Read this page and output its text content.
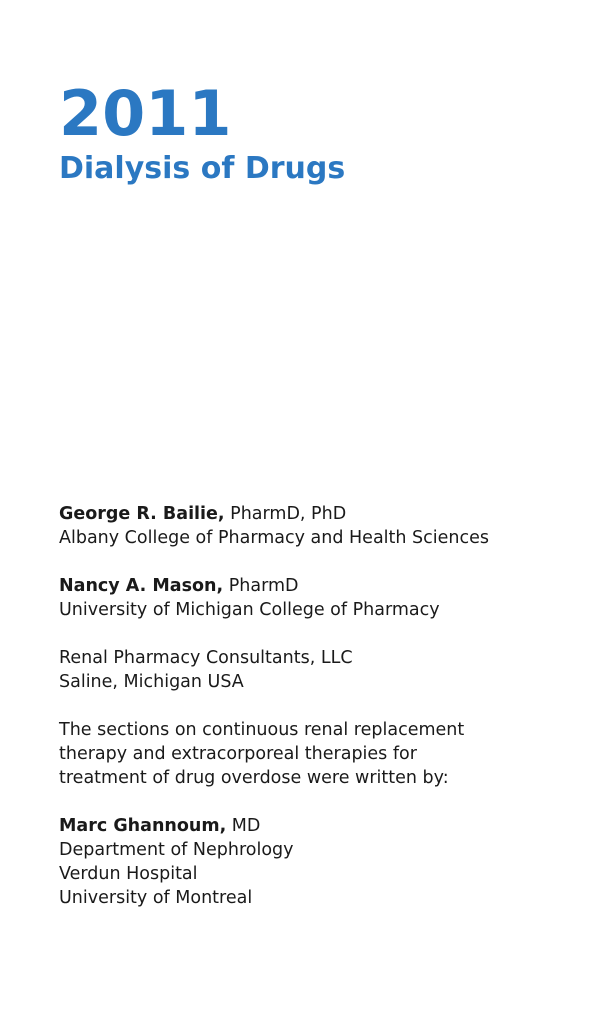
2011
Dialysis of Drugs
George R. Bailie, PharmD, PhD
Albany College of Pharmacy and Health Sciences
Nancy A. Mason, PharmD
University of Michigan College of Pharmacy
Renal Pharmacy Consultants, LLC
Saline, Michigan USA
The sections on continuous renal replacement
therapy and extracorporeal therapies for
treatment of drug overdose were written by:
Marc Ghannoum, MD
Department of Nephrology
Verdun Hospital
University of Montreal
